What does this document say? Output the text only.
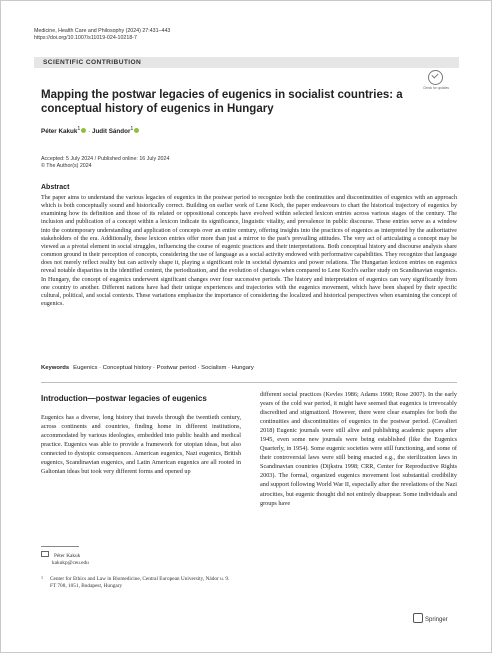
Medicine, Health Care and Philosophy (2024) 27:431–443
https://doi.org/10.1007/s11019-024-10218-7
SCIENTIFIC CONTRIBUTION
Check for updates
Mapping the postwar legacies of eugenics in socialist countries: a conceptual history of eugenics in Hungary
Péter Kakuk$^1$ · Judit Sándor$^1$
Accepted: 5 July 2024 / Published online: 16 July 2024
© The Author(s) 2024
Abstract

The paper aims to understand the various legacies of eugenics in the postwar period to recognize both the continuities and discontinuities of eugenics with an approach which is both conceptually sound and historically correct. Building on earlier work of Lene Koch, the paper endeavours to chart the historical trajectory of eugenics by examining how its definition and those of its related or oppositional concepts have evolved within selected lexicon entries across various stages of the century. The inclusion and publication of a concept within a lexicon indicate its significance, linguistic vitality, and prevalence in public discourse. These entries serve as a window into the contemporary understanding and application of concepts over an entire century, offering insights into the practices of eugenics as interpreted by the authoritative stakeholders of the era. Additionally, these lexicon entries offer more than just a mirror to the past's prevailing attitudes. The very act of articulating a concept may be viewed as a pivotal element in social struggles, influencing the course of eugenic practices and their interpretations. Both conceptual history and discourse analysis share common ground in their perception of concepts, considering the use of language as a social activity endowed with performative capabilities. They recognize that language does not merely reflect reality but can actively shape it, playing a significant role in societal dynamics and power relations. The Hungarian lexicon entries on eugenics reveal notable disparities in the identified content, the periodization, and the evolution of changes when compared to Lene Koch's earlier study on Scandinavian eugenics. In Hungary, the concept of eugenics underwent significant changes over four successive periods. The history and interpretation of eugenics can vary significantly from one country to another. Different nations have had their unique experiences and trajectories with the eugenics movement, which have been shaped by their specific cultural, political, and social contexts. These variations emphasize the importance of considering the localized and historical perspectives when examining the concept of eugenics.

Keywords Eugenics · Conceptual history · Postwar period · Socialism · Hungary
Introduction—postwar legacies of eugenics

Eugenics has a diverse, long history that travels through the twentieth century, across continents and countries, finding home in different institutions, accommodated by various ideologies, embedded into public health and medical practice. Eugenics was able to provide a framework for utopian ideas, but also connected to dystopic consequences. American eugenics, Nazi eugenics, British eugenics, Scandinavian eugenics, and Latin American eugenics are all rooted in Galtonian ideas but took very different forms and opened up

different social practices (Kevles 1986; Adams 1990; Rose 2007). In the early years of the cold war period, it might have seemed that eugenics is irrevocably discredited and stigmatized. However, there were clear examples for both the continuities and discontinuities of eugenics in the postwar period. (Cavalieri 2018) Eugenic journals were still alive and publishing academic papers after 1945, even some new journals were being established (like the Eugenics Quarterly, in 1954). Some eugenic societies were still functioning, and some of their controversial laws were still being enacted e.g., the sterilization laws in Scandinavian countries (Dijkstra 1998; CRR, Center for Reproductive Rights 2003). The formal, organized eugenics movement lost substantial credibility and support following World War II, especially after the revelations of the Nazi atrocities, but eugenic thought did not entirely disappear. Some individuals and groups have

Péter Kakuk
kakukp@ceu.edu
1 Center for Ethics and Law in Biomedicine, Central European University, Nádor u. 9. FT 708, 1051, Budapest, Hungary
Springer
